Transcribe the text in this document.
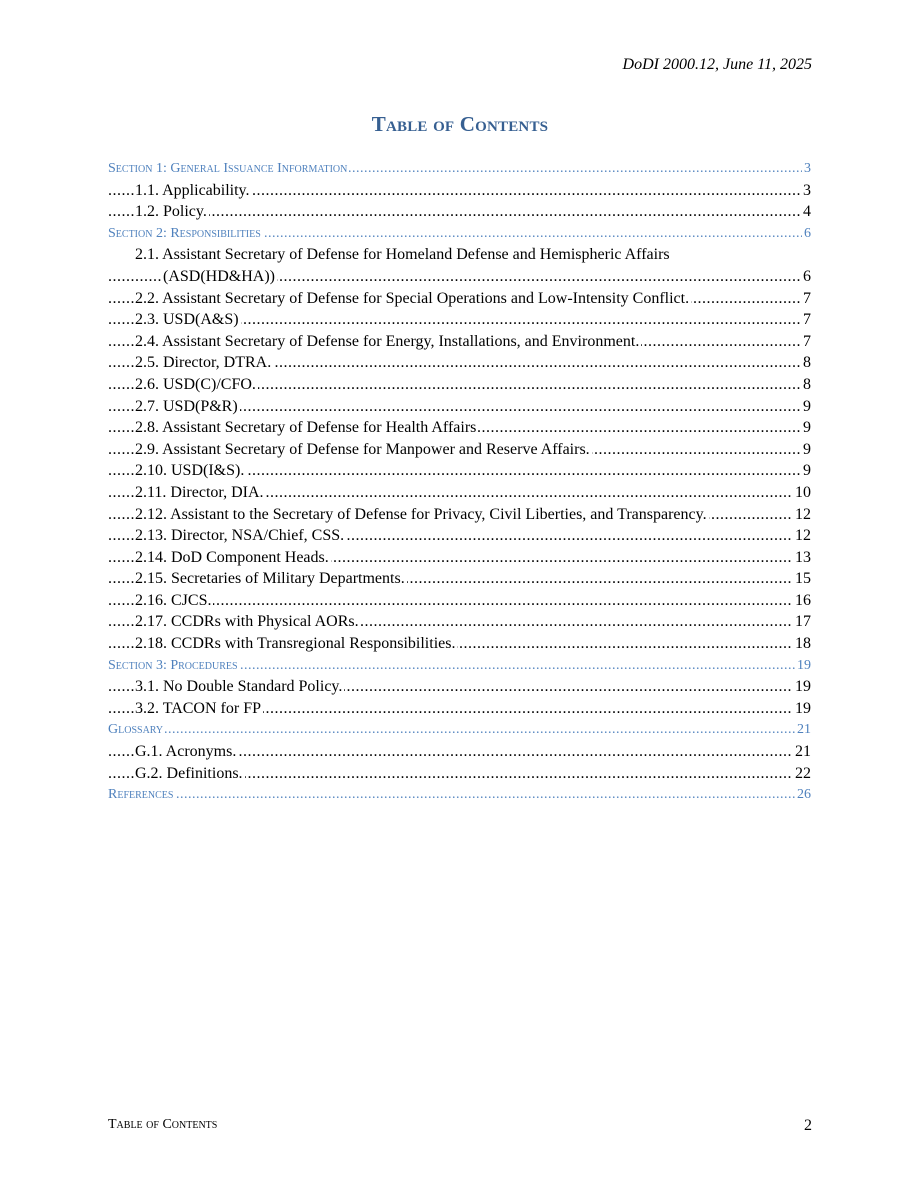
DoDI 2000.12, June 11, 2025
Table of Contents
.....
Section 1: General Issuance Information	3
.....
1.1. Applicability.	3
.....
1.2. Policy.	4
.....
Section 2: Responsibilities	6
2.1. Assistant Secretary of Defense for Homeland Defense and Hemispheric Affairs
.....
(ASD(HD&HA))	6
.....
2.2. Assistant Secretary of Defense for Special Operations and Low-Intensity Conflict.	7
.....
2.3. USD(A&S)	7
.....
2.4. Assistant Secretary of Defense for Energy, Installations, and Environment.	7
.....
2.5. Director, DTRA.	8
.....
2.6. USD(C)/CFO.	8
.....
2.7. USD(P&R)	9
.....
2.8. Assistant Secretary of Defense for Health Affairs	9
.....
2.9. Assistant Secretary of Defense for Manpower and Reserve Affairs.	9
.....
2.10. USD(I&S).	9
.....
2.11. Director, DIA.	10
.....
2.12. Assistant to the Secretary of Defense for Privacy, Civil Liberties, and Transparency.	12
.....
2.13. Director, NSA/Chief, CSS.	12
.....
2.14. DoD Component Heads.	13
.....
2.15. Secretaries of Military Departments.	15
.....
2.16. CJCS.	16
.....
2.17. CCDRs with Physical AORs.	17
.....
2.18. CCDRs with Transregional Responsibilities.	18
.....
Section 3: Procedures	19
.....
3.1. No Double Standard Policy.	19
.....
3.2. TACON for FP	19
.....
Glossary	21
.....
G.1. Acronyms.	21
.....
G.2. Definitions.	22
.....
References	26
Table of Contents	2
